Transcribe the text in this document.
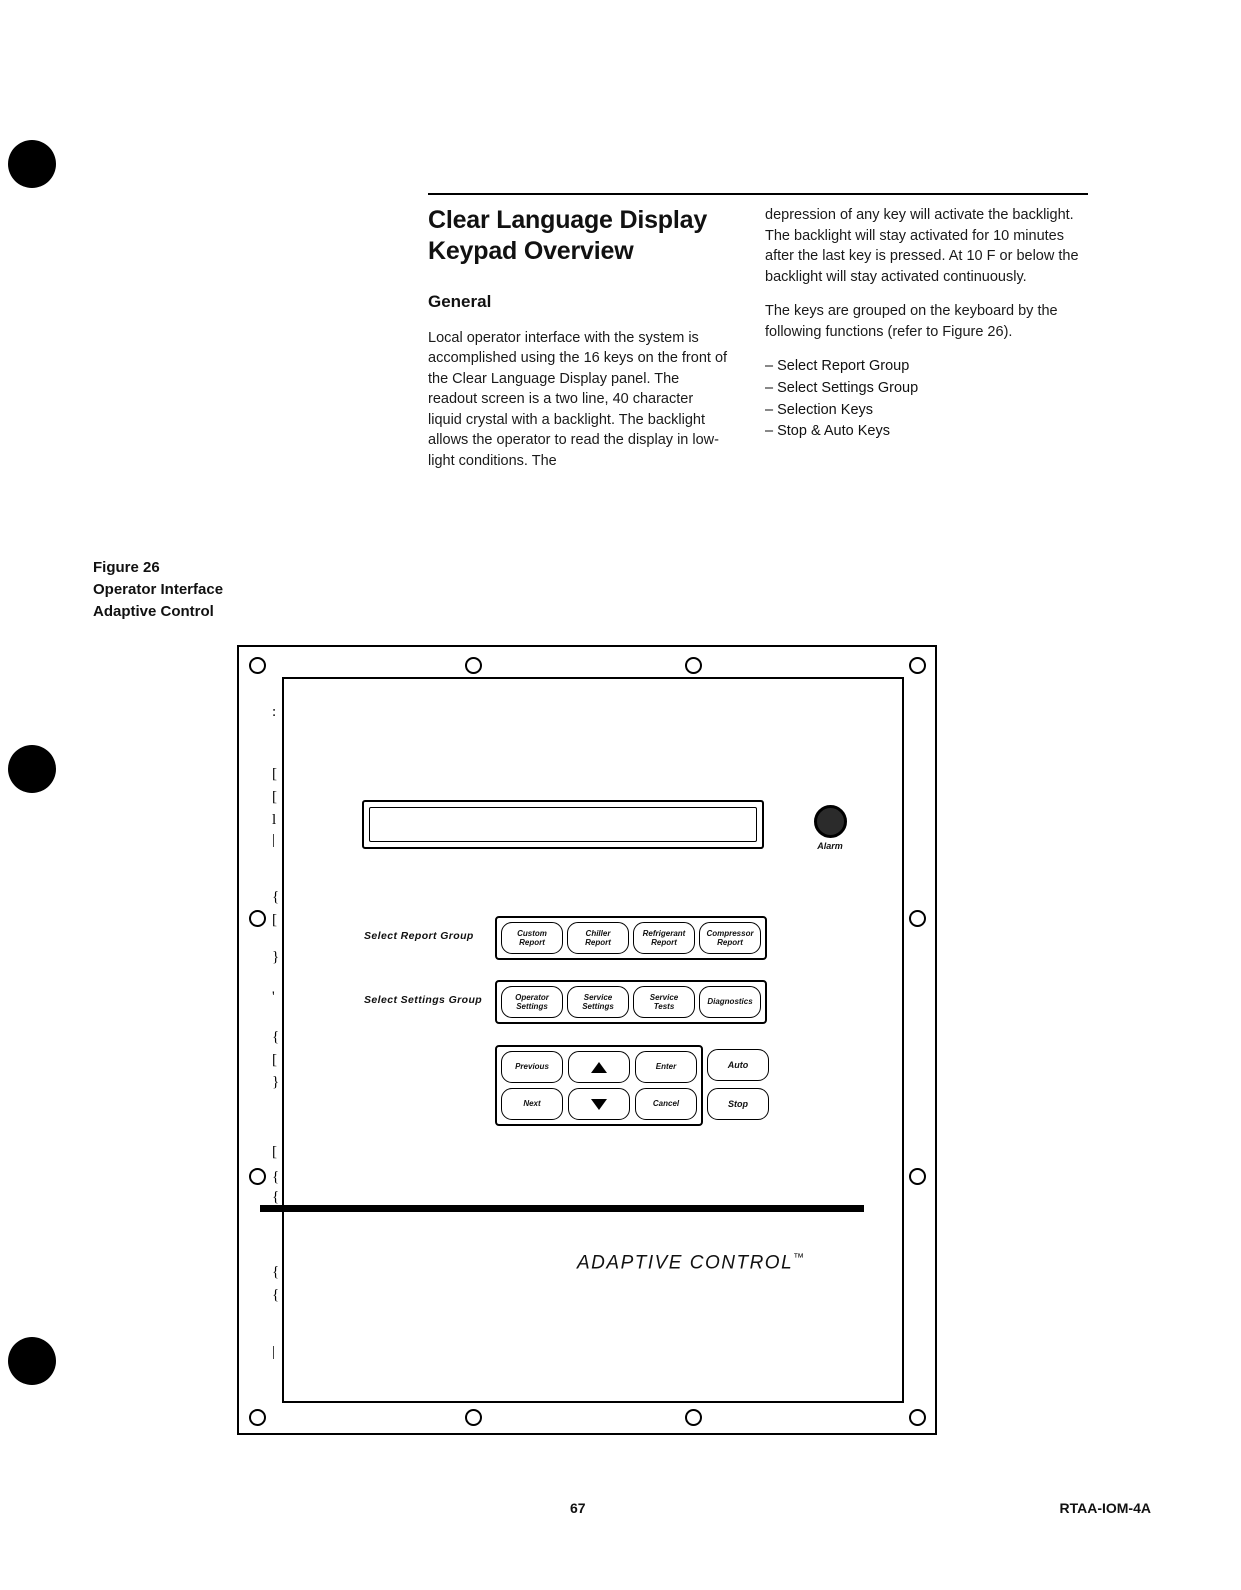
Clear Language Display Keypad Overview
General

Local operator interface with the system is accomplished using the 16 keys on the front of the Clear Language Display panel. The readout screen is a two line, 40 character liquid crystal with a backlight. The backlight allows the operator to read the display in low-light conditions. The

depression of any key will activate the backlight. The backlight will stay activated for 10 minutes after the last key is pressed. At 10 F or below the backlight will stay activated continuously.

The keys are grouped on the keyboard by the following functions (refer to Figure 26).

– Select Report Group
– Select Settings Group
– Selection Keys
– Stop & Auto Keys
Figure 26
Operator Interface
Adaptive Control
:
[
[
l
|
{
[
}
'
{
[
}
[
{
{
{
{
|
Alarm
Select Report Group
Select Settings Group
Custom
Report
Chiller
Report
Refrigerant
Report
Compressor
Report
Operator
Settings
Service
Settings
Service
Tests
Diagnostics
Previous	Enter
Next	Cancel
Auto
Stop
ADAPTIVE CONTROL™
67	RTAA-IOM-4A
